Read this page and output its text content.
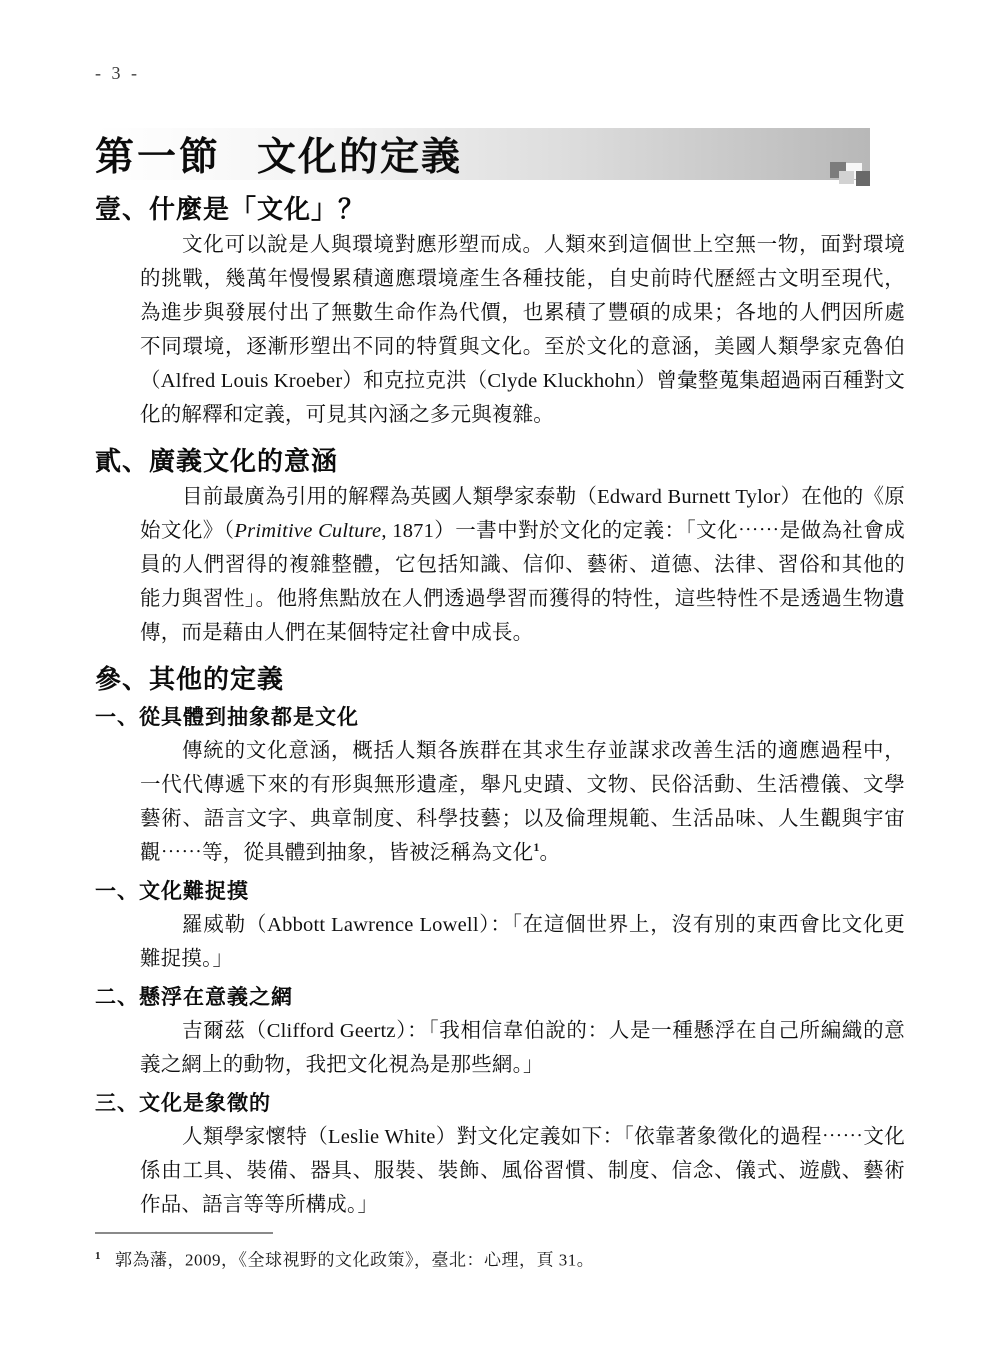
- 3 -
第一節 文化的定義
壹、什麼是「文化」？

文化可以說是人與環境對應形塑而成。人類來到這個世上空無一物，面對環境的挑戰，幾萬年慢慢累積適應環境產生各種技能，自史前時代歷經古文明至現代，為進步與發展付出了無數生命作為代價，也累積了豐碩的成果；各地的人們因所處不同環境，逐漸形塑出不同的特質與文化。至於文化的意涵，美國人類學家克魯伯（Alfred Louis Kroeber）和克拉克洪（Clyde Kluckhohn）曾彙整蒐集超過兩百種對文化的解釋和定義，可見其內涵之多元與複雜。

貳、廣義文化的意涵

目前最廣為引用的解釋為英國人類學家泰勒（Edward Burnett Tylor）在他的《原始文化》（Primitive Culture, 1871）一書中對於文化的定義：「文化⋯⋯是做為社會成員的人們習得的複雜整體，它包括知識、信仰、藝術、道德、法律、習俗和其他的能力與習性」。他將焦點放在人們透過學習而獲得的特性，這些特性不是透過生物遺傳，而是藉由人們在某個特定社會中成長。

參、其他的定義
一、從具體到抽象都是文化

傳統的文化意涵，概括人類各族群在其求生存並謀求改善生活的適應過程中，一代代傳遞下來的有形與無形遺產，舉凡史蹟、文物、民俗活動、生活禮儀、文學藝術、語言文字、典章制度、科學技藝；以及倫理規範、生活品味、人生觀與宇宙觀⋯⋯等，從具體到抽象，皆被泛稱為文化$^1$。

一、文化難捉摸

羅威勒（Abbott Lawrence Lowell）：「在這個世界上，沒有別的東西會比文化更難捉摸。」

二、懸浮在意義之網

吉爾茲（Clifford Geertz）：「我相信韋伯說的：人是一種懸浮在自己所編織的意義之網上的動物，我把文化視為是那些網。」

三、文化是象徵的

人類學家懷特（Leslie White）對文化定義如下：「依靠著象徵化的過程⋯⋯文化係由工具、裝備、器具、服裝、裝飾、風俗習慣、制度、信念、儀式、遊戲、藝術作品、語言等等所構成。」

$^1$ 郭為藩，2009，《全球視野的文化政策》，臺北：心理，頁 31。
